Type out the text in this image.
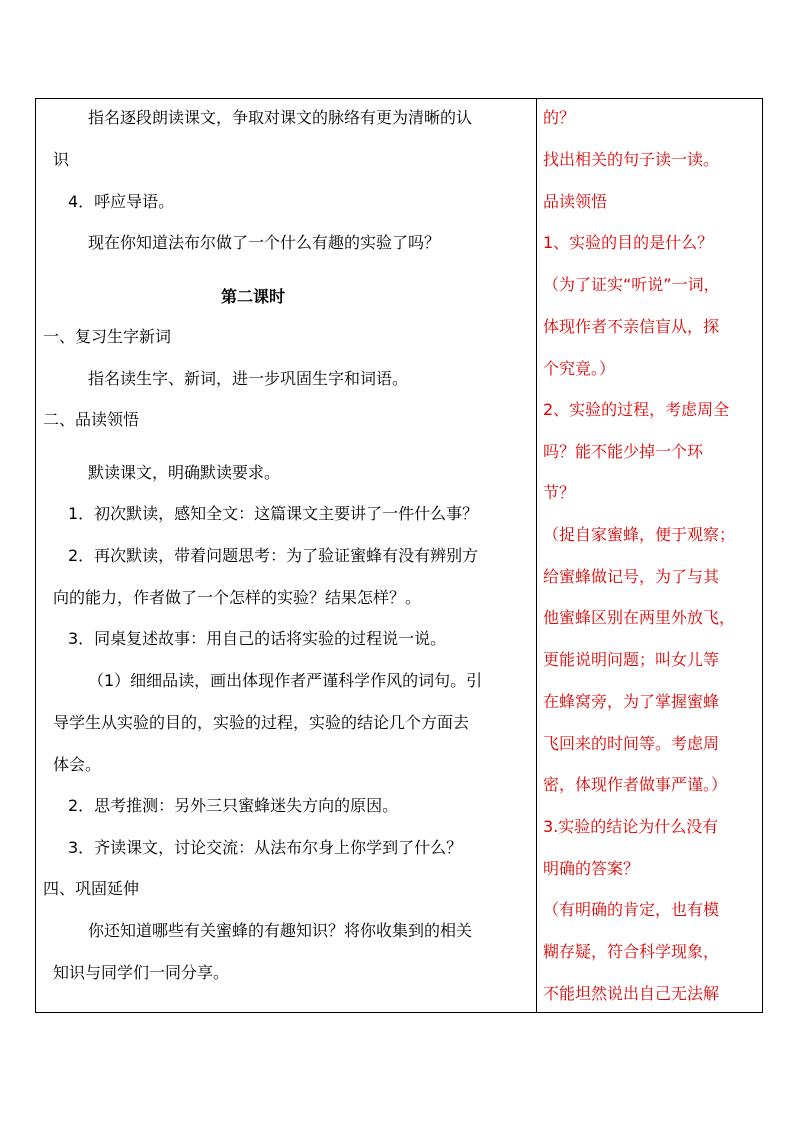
指名逐段朗读课文，争取对课文的脉络有更为清晰的认
识
4．呼应导语。
现在你知道法布尔做了一个什么有趣的实验了吗？
第二课时
一、复习生字新词
指名读生字、新词，进一步巩固生字和词语。
二、品读领悟
默读课文，明确默读要求。
1．初次默读，感知全文：这篇课文主要讲了一件什么事？
2．再次默读，带着问题思考：为了验证蜜蜂有没有辨别方
向的能力，作者做了一个怎样的实验？结果怎样？。
3．同桌复述故事：用自己的话将实验的过程说一说。
（1）细细品读，画出体现作者严谨科学作风的词句。引
导学生从实验的目的，实验的过程，实验的结论几个方面去
体会。
2．思考推测：另外三只蜜蜂迷失方向的原因。
3．齐读课文，讨论交流：从法布尔身上你学到了什么？
四、巩固延伸
你还知道哪些有关蜜蜂的有趣知识？将你收集到的相关
知识与同学们一同分享。
的？
找出相关的句子读一读。
品读领悟
1、实验的目的是什么？
（为了证实“听说”一词，
体现作者不亲信盲从，探
个究竟。）
2、实验的过程，考虑周全
吗？能不能少掉一个环
节？
（捉自家蜜蜂，便于观察；
给蜜蜂做记号，为了与其
他蜜蜂区别在两里外放飞，
更能说明问题；叫女儿等
在蜂窝旁，为了掌握蜜蜂
飞回来的时间等。考虑周
密，体现作者做事严谨。）
3.实验的结论为什么没有
明确的答案？
（有明确的肯定，也有模
糊存疑，符合科学现象，
不能坦然说出自己无法解
